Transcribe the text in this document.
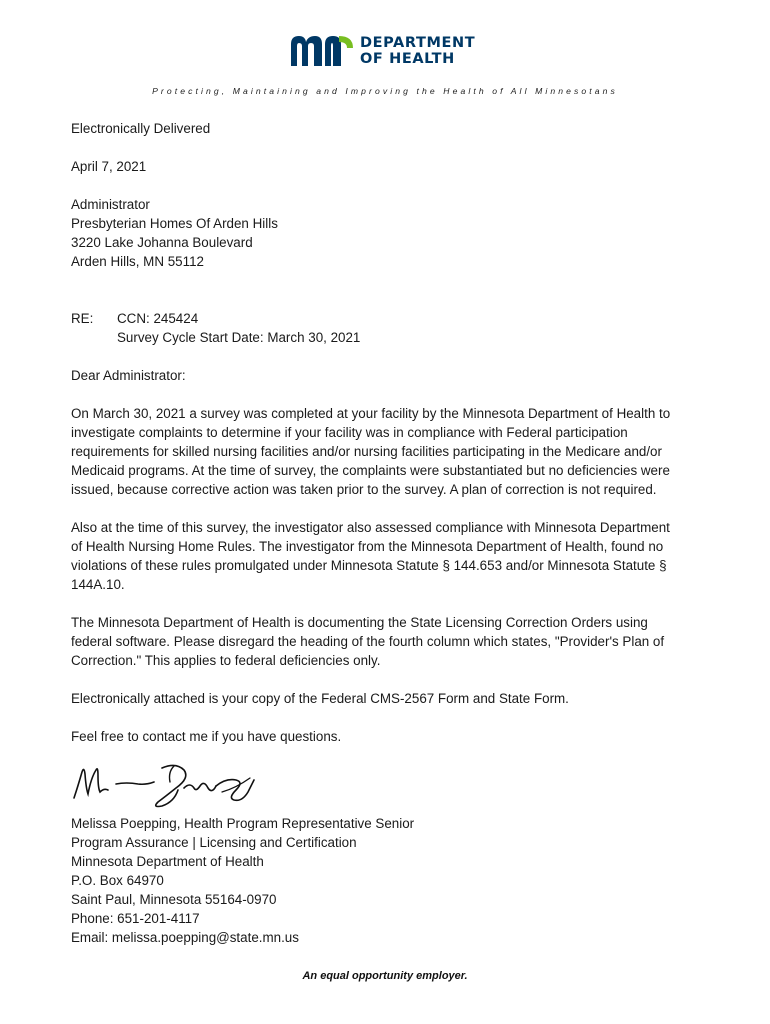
DEPARTMENT
OF HEALTH
Protecting, Maintaining and Improving the Health of All Minnesotans
Electronically Delivered
April 7, 2021
Administrator
Presbyterian Homes Of Arden Hills
3220 Lake Johanna Boulevard
Arden Hills, MN 55112
RE:	CCN: 245424
Survey Cycle Start Date: March 30, 2021
Dear Administrator:
On March 30, 2021 a survey was completed at your facility by the Minnesota Department of Health to
investigate complaints to determine if your facility was in compliance with Federal participation
requirements for skilled nursing facilities and/or nursing facilities participating in the Medicare and/or
Medicaid programs. At the time of survey, the complaints were substantiated but no deficiencies were
issued, because corrective action was taken prior to the survey. A plan of correction is not required.
Also at the time of this survey, the investigator also assessed compliance with Minnesota Department
of Health Nursing Home Rules. The investigator from the Minnesota Department of Health, found no
violations of these rules promulgated under Minnesota Statute § 144.653 and/or Minnesota Statute §
144A.10.
The Minnesota Department of Health is documenting the State Licensing Correction Orders using
federal software. Please disregard the heading of the fourth column which states, "Provider's Plan of
Correction." This applies to federal deficiencies only.
Electronically attached is your copy of the Federal CMS-2567 Form and State Form.
Feel free to contact me if you have questions.
Melissa Poepping, Health Program Representative Senior
Program Assurance | Licensing and Certification
Minnesota Department of Health
P.O. Box 64970
Saint Paul, Minnesota 55164-0970
Phone: 651-201-4117
Email: melissa.poepping@state.mn.us
An equal opportunity employer.
